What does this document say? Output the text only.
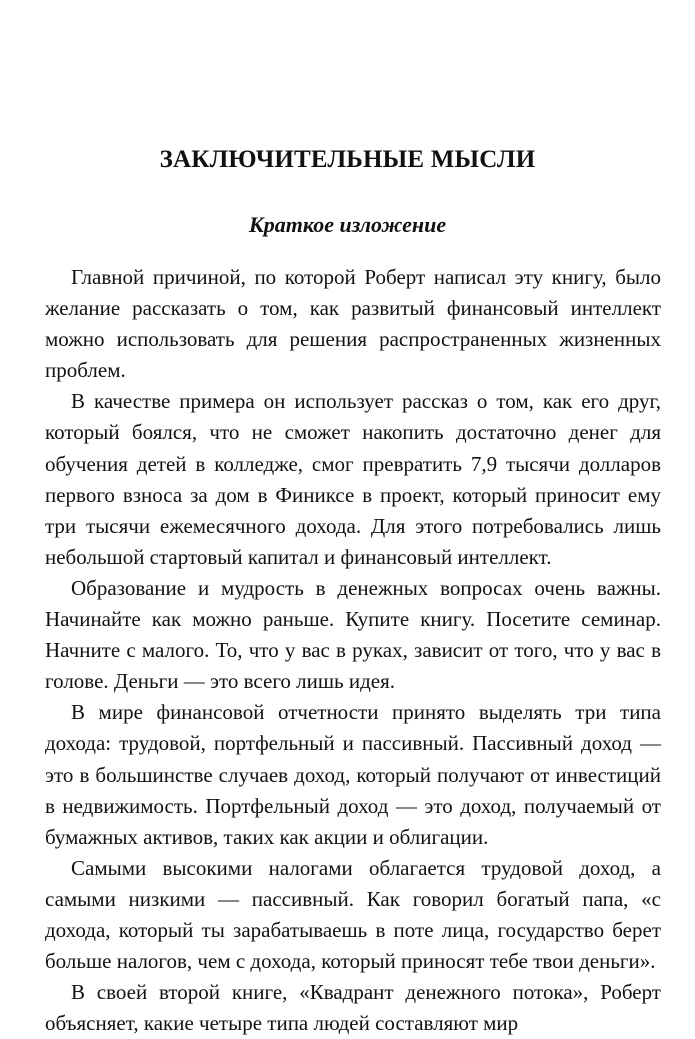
ЗАКЛЮЧИТЕЛЬНЫЕ МЫСЛИ
Краткое изложение

Главной причиной, по которой Роберт написал эту книгу, было желание рассказать о том, как развитый финансовый интеллект можно использовать для решения распространенных жизненных проблем.

В качестве примера он использует рассказ о том, как его друг, который боялся, что не сможет накопить достаточно денег для обучения детей в колледже, смог превратить 7,9 тысячи долларов первого взноса за дом в Финиксе в проект, который приносит ему три тысячи ежемесячного дохода. Для этого потребовались лишь небольшой стартовый капитал и финансовый интеллект.

Образование и мудрость в денежных вопросах очень важны. Начинайте как можно раньше. Купите книгу. Посетите семинар. Начните с малого. То, что у вас в руках, зависит от того, что у вас в голове. Деньги — это всего лишь идея.

В мире финансовой отчетности принято выделять три типа дохода: трудовой, портфельный и пассивный. Пассивный доход — это в большинстве случаев доход, который получают от инвестиций в недвижимость. Портфельный доход — это доход, получаемый от бумажных активов, таких как акции и облигации.

Самыми высокими налогами облагается трудовой доход, а самыми низкими — пассивный. Как говорил богатый папа, «с дохода, который ты зарабатываешь в поте лица, государство берет больше налогов, чем с дохода, который приносят тебе твои деньги».

В своей второй книге, «Квадрант денежного потока», Роберт объясняет, какие четыре типа людей составляют мир
